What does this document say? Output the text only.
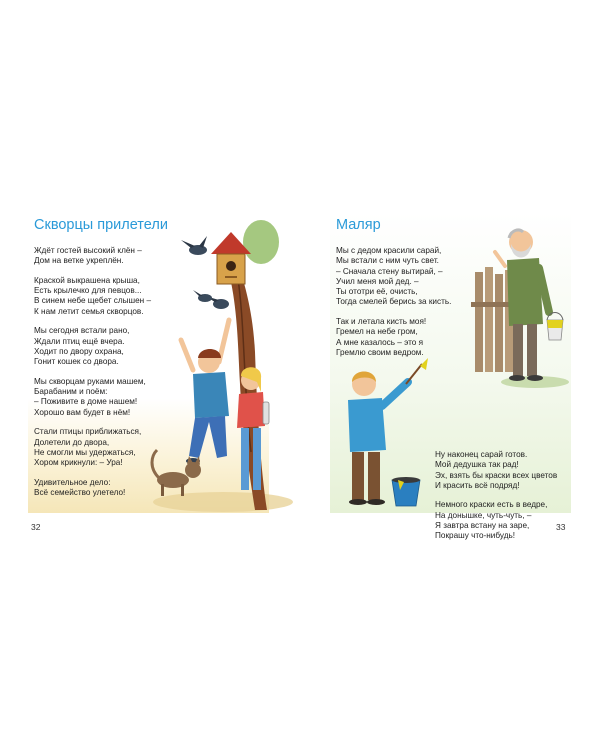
Скворцы прилетели
Ждёт гостей высокий клён –
Дом на ветке укреплён.
Краской выкрашена крыша,
Есть крылечко для певцов...
В синем небе щебет слышен –
К нам летит семья скворцов.
Мы сегодня встали рано,
Ждали птиц ещё вчера.
Ходит по двору охрана,
Гонит кошек со двора.
Мы скворцам руками машем,
Барабаним и поём:
– Поживите в доме нашем!
Хорошо вам будет в нём!
Стали птицы приближаться,
Долетели до двора,
Не смогли мы удержаться,
Хором крикнули: – Ура!
Удивительное дело:
Всё семейство улетело!
32
Маляр
Мы с дедом красили сарай,
Мы встали с ним чуть свет.
– Сначала стену вытирай, –
Учил меня мой дед. –
Ты ототри её, очисть,
Тогда смелей берись за кисть.
Так и летала кисть моя!
Гремел на небе гром,
А мне казалось – это я
Гремлю своим ведром.
Ну наконец сарай готов.
Мой дедушка так рад!
Эх, взять бы краски всех цветов
И красить всё подряд!
Немного краски есть в ведре,
На донышке, чуть-чуть, –
Я завтра встану на заре,
Покрашу что-нибудь!
33
